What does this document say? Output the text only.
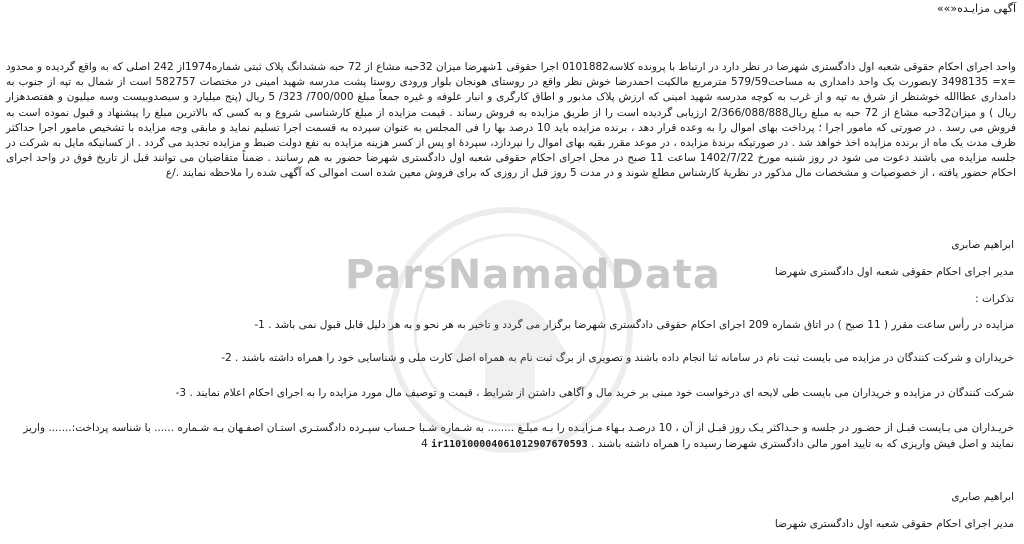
آگهی مزایـده«»»
واحد اجرای احکام حقوقی شعبه اول دادگستری شهرضا در نظر دارد در ارتباط با پرونده کلاسه0101882 اجرا حقوقی 1شهرضا میزان 32حبه مشاع از 72 حبه ششدانگ پلاک ثبتی شماره1974از 242 اصلی که به واقع گردیده و محدود =y 3498135 =xبصورت یک واحد دامداری به مساحت579/59 مترمربع مالکیت احمدرضا خوش نظر واقع در روستای هونجان بلوار ورودی روستا پشت مدرسه شهید امینی در مختصات 582757 است از شمال به تپه از جنوب به دامداری عطاالله خوشنظر از شرق به تپه و از غرب به کوچه مدرسه شهید امینی که ارزش پلاک مذبور و اطاق کارگری و انبار علوفه و غیره جمعاً مبلغ 700/000/ 323/ 5 ریال (پنج میلیارد و سیصدوبیست وسه میلیون و هفتصدهزار ریال ) و میزان32حبه مشاع از 72 حبه به مبلغ ریال2/366/088/888 ارزیابی گردیده است را از طریق مزایده به فروش رساند . قیمت مزایده از مبلغ کارشناسی شروع و به کسی که بالاترین مبلغ را پیشنهاد و قبول نموده است به فروش می رسد . در صورتی که مامور اجرا ؛ پرداخت بهای اموال را به وعده قرار دهد ، برنده مزایده باید 10 درصد بها را فی المجلس به عنوان سپرده به قسمت اجرا تسلیم نماید و مابقی وجه مزایده با تشخیص مامور اجرا حداکثر ظرف مدت یک ماه از برنده مزایده اخذ خواهد شد . در صورتیکه برندۀ مزایده ، در موعد مقرر بقیه بهای اموال را نپردازد، سپردۀ او پس از کسر هزینه مزایده به نفع دولت ضبط و مزایده تجدید می گردد . از کسانیکه مایل به شرکت در جلسه مزایده می باشند دعوت می شود در روز شنبه مورخ 1402/7/22 ساعت 11 صبح در محل اجرای احکام حقوقی شعبه اول دادگستری شهرضا حضور به هم رسانند . ضمناً متقاضیان می توانند قبل از تاریخ فوق در واحد اجرای احکام حضور یافته ، از خصوصیات و مشخصات مال مذکور در نظریۀ کارشناس مطلع شوند و در مدت 5 روز قبل از روزی که برای فروش معین شده است اموالی که آگهی شده را ملاحظه نمایند ./ع
ابراهیم صابری
مدیر اجرای احکام حقوقی شعبه اول دادگستری شهرضا
تذکرات :
مزایده در رأس ساعت مقرر ( 11 صبح ) در اتاق شماره 209 اجرای احکام حقوقی دادگستری شهرضا برگزار می گردد و تاخیر به هر نحو و به هر دلیل قابل قبول نمی باشد . 1-
خریداران و شرکت کنندگان در مزایده می بایست ثبت نام در سامانه ثنا انجام داده باشند و تصویری از برگ ثبت نام به همراه اصل کارت ملی و شناسایی خود را همراه داشته باشند . 2-
شرکت کنندگان در مزایده و خریداران می بایست طی لایحه ای درخواست خود مبنی بر خرید مال و آگاهی داشتن از شرایط ، قیمت و توصیف مال مورد مزایده را به اجرای احکام اعلام نمایند . 3-
خریـداران می بـایست قبـل از حضـور در جلسه و حـداکثر یـک روز قبـل از آن ، 10 درصـد بـهاء مـزایـده را بـه مبلـغ ........ به شـماره شـبا حـساب سپـرده دادگستـری استـان اصفـهان بـه شـماره ...... با شناسه پرداخت:....... واریز نمایند و اصل فیش واریزی که به تایید امور مالی دادگستری شهرضا رسیده را همراه داشته باشند . ir110100004061012907670593 4
ابراهیم صابری
مدیر اجرای احکام حقوقی شعبه اول دادگستری شهرضا
ParsNamadData
